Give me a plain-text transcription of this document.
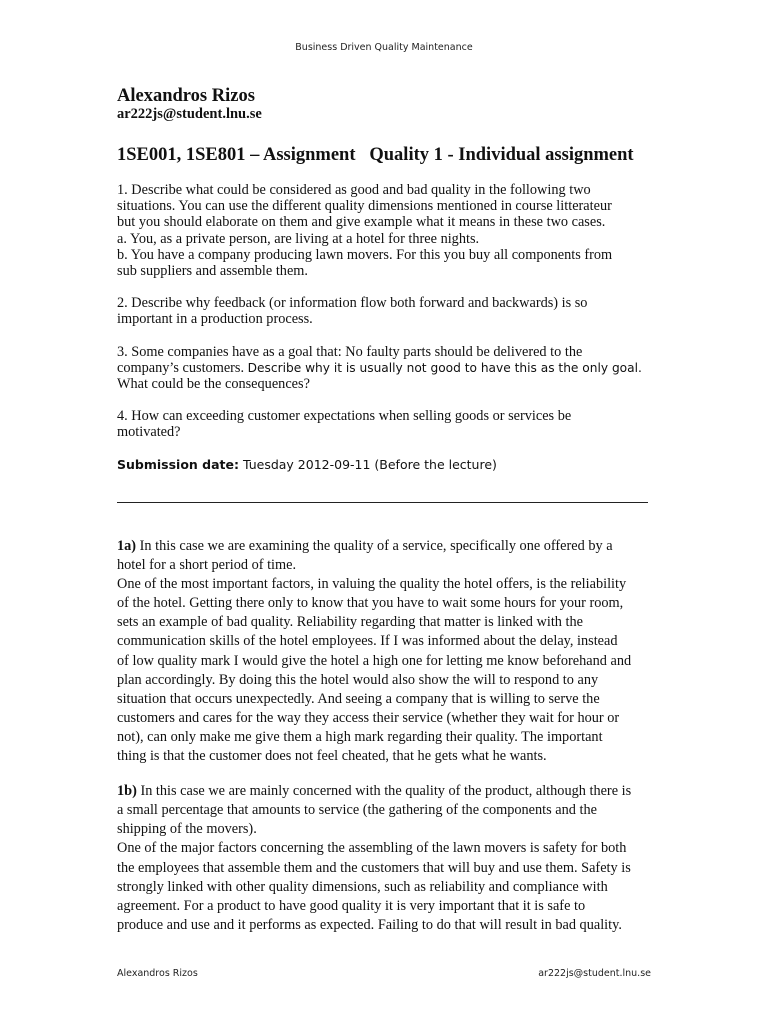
Business Driven Quality Maintenance

Alexandros Rizos

ar222js@student.lnu.se

1SE001, 1SE801 – Assignment   Quality 1 - Individual assignment

1. Describe what could be considered as good and bad quality in the following two
situations. You can use the different quality dimensions mentioned in course litterateur
but you should elaborate on them and give example what it means in these two cases.
a. You, as a private person, are living at a hotel for three nights.
b. You have a company producing lawn movers. For this you buy all components from
sub suppliers and assemble them.

2. Describe why feedback (or information flow both forward and backwards) is so
important in a production process.

3. Some companies have as a goal that: No faulty parts should be delivered to the
company’s customers. Describe why it is usually not good to have this as the only goal.
What could be the consequences?

4. How can exceeding customer expectations when selling goods or services be
motivated?

Submission date: Tuesday 2012-09-11 (Before the lecture)

1a) In this case we are examining the quality of a service, specifically one offered by a
hotel for a short period of time.
One of the most important factors, in valuing the quality the hotel offers, is the reliability
of the hotel. Getting there only to know that you have to wait some hours for your room,
sets an example of bad quality. Reliability regarding that matter is linked with the
communication skills of the hotel employees. If I was informed about the delay, instead
of low quality mark I would give the hotel a high one for letting me know beforehand and
plan accordingly. By doing this the hotel would also show the will to respond to any
situation that occurs unexpectedly. And seeing a company that is willing to serve the
customers and cares for the way they access their service (whether they wait for hour or
not), can only make me give them a high mark regarding their quality. The important
thing is that the customer does not feel cheated, that he gets what he wants.

1b) In this case we are mainly concerned with the quality of the product, although there is
a small percentage that amounts to service (the gathering of the components and the
shipping of the movers).
One of the major factors concerning the assembling of the lawn movers is safety for both
the employees that assemble them and the customers that will buy and use them. Safety is
strongly linked with other quality dimensions, such as reliability and compliance with
agreement. For a product to have good quality it is very important that it is safe to
produce and use and it performs as expected. Failing to do that will result in bad quality.

Alexandros Rizos	ar222js@student.lnu.se
